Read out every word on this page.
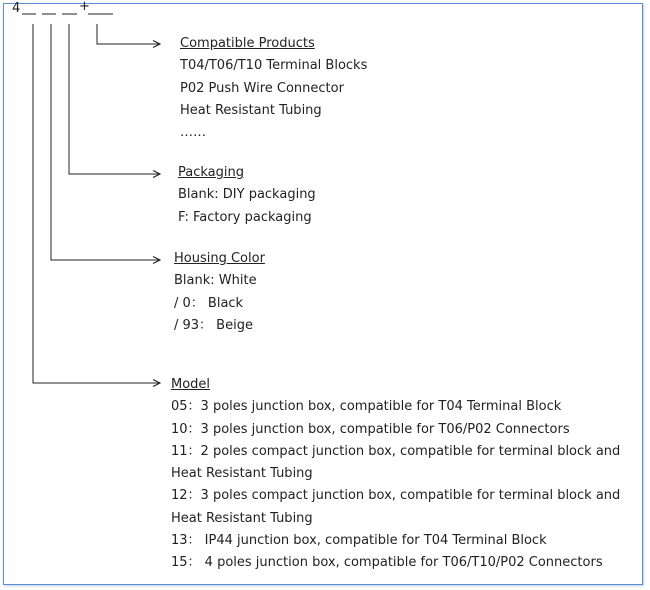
4	+
Compatible Products
T04/T06/T10 Terminal Blocks
P02 Push Wire Connector
Heat Resistant Tubing
……
Packaging
Blank: DIY packaging
F: Factory packaging
Housing Color
Blank: White
/ 0： Black
/ 93： Beige
Model
05：3 poles junction box, compatible for T04 Terminal Block
10：3 poles junction box, compatible for T06/P02 Connectors
11：2 poles compact junction box, compatible for terminal block and Heat Resistant Tubing
12：3 poles compact junction box, compatible for terminal block and Heat Resistant Tubing
13： IP44 junction box, compatible for T04 Terminal Block
15： 4 poles junction box, compatible for T06/T10/P02 Connectors
